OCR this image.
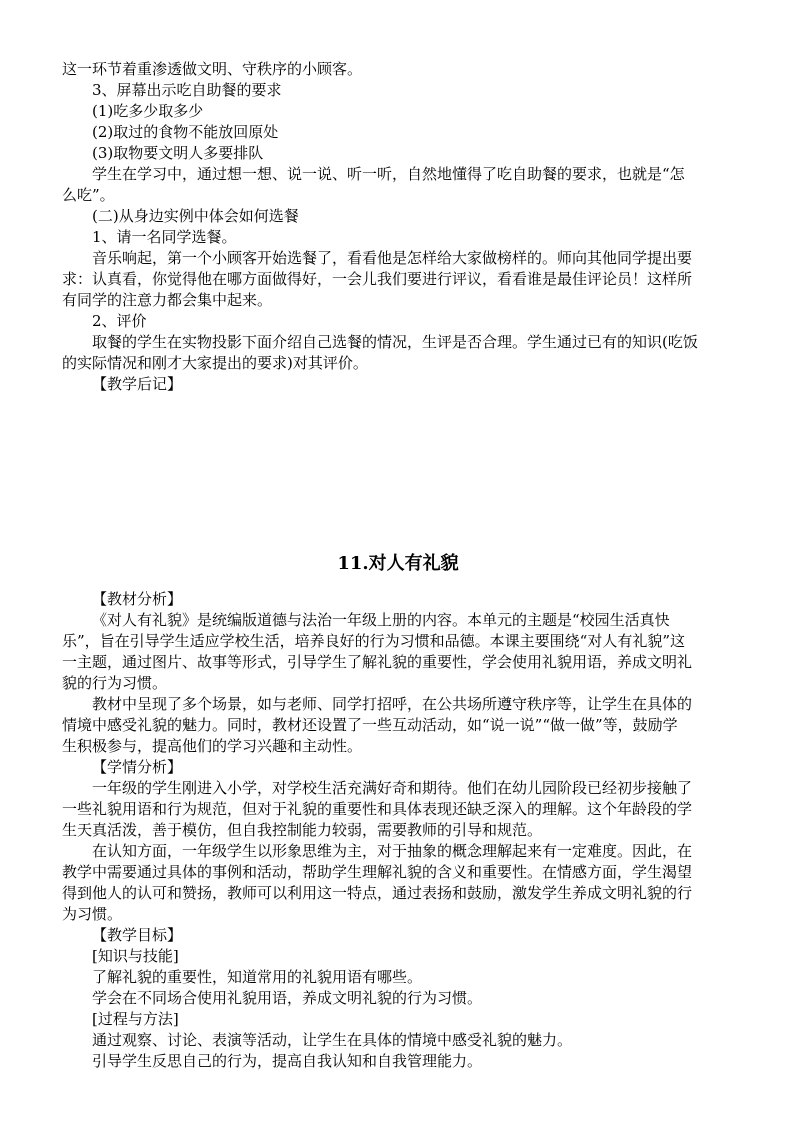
这一环节着重渗透做文明、守秩序的小顾客。
3、屏幕出示吃自助餐的要求
(1)吃多少取多少
(2)取过的食物不能放回原处
(3)取物要文明人多要排队
学生在学习中，通过想一想、说一说、听一听，自然地懂得了吃自助餐的要求，也就是“怎
么吃”。
(二)从身边实例中体会如何选餐
1、请一名同学选餐。
音乐响起，第一个小顾客开始选餐了，看看他是怎样给大家做榜样的。师向其他同学提出要
求：认真看，你觉得他在哪方面做得好，一会儿我们要进行评议，看看谁是最佳评论员！这样所
有同学的注意力都会集中起来。
2、评价
取餐的学生在实物投影下面介绍自己选餐的情况，生评是否合理。学生通过已有的知识(吃饭
的实际情况和刚才大家提出的要求)对其评价。
【教学后记】
11.对人有礼貌
【教材分析】
《对人有礼貌》是统编版道德与法治一年级上册的内容。本单元的主题是“校园生活真快
乐”，旨在引导学生适应学校生活，培养良好的行为习惯和品德。本课主要围绕“对人有礼貌”这
一主题，通过图片、故事等形式，引导学生了解礼貌的重要性，学会使用礼貌用语，养成文明礼
貌的行为习惯。
教材中呈现了多个场景，如与老师、同学打招呼，在公共场所遵守秩序等，让学生在具体的
情境中感受礼貌的魅力。同时，教材还设置了一些互动活动，如“说一说”“做一做”等，鼓励学
生积极参与，提高他们的学习兴趣和主动性。
【学情分析】
一年级的学生刚进入小学，对学校生活充满好奇和期待。他们在幼儿园阶段已经初步接触了
一些礼貌用语和行为规范，但对于礼貌的重要性和具体表现还缺乏深入的理解。这个年龄段的学
生天真活泼，善于模仿，但自我控制能力较弱，需要教师的引导和规范。
在认知方面，一年级学生以形象思维为主，对于抽象的概念理解起来有一定难度。因此，在
教学中需要通过具体的事例和活动，帮助学生理解礼貌的含义和重要性。在情感方面，学生渴望
得到他人的认可和赞扬，教师可以利用这一特点，通过表扬和鼓励，激发学生养成文明礼貌的行
为习惯。
【教学目标】
[知识与技能]
了解礼貌的重要性，知道常用的礼貌用语有哪些。
学会在不同场合使用礼貌用语，养成文明礼貌的行为习惯。
[过程与方法]
通过观察、讨论、表演等活动，让学生在具体的情境中感受礼貌的魅力。
引导学生反思自己的行为，提高自我认知和自我管理能力。
